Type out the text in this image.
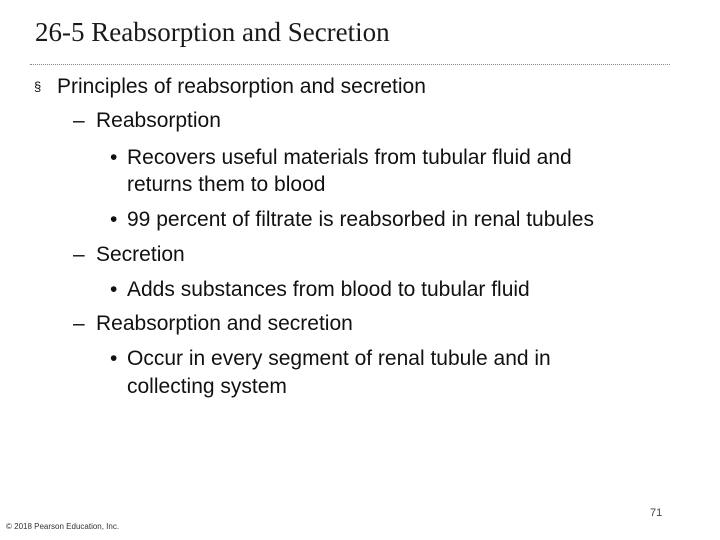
26-5 Reabsorption and Secretion
§ Principles of reabsorption and secretion
– Reabsorption
• Recovers useful materials from tubular fluid and
returns them to blood
• 99 percent of filtrate is reabsorbed in renal tubules
– Secretion
• Adds substances from blood to tubular fluid
– Reabsorption and secretion
• Occur in every segment of renal tubule and in
collecting system
71
© 2018 Pearson Education, Inc.
